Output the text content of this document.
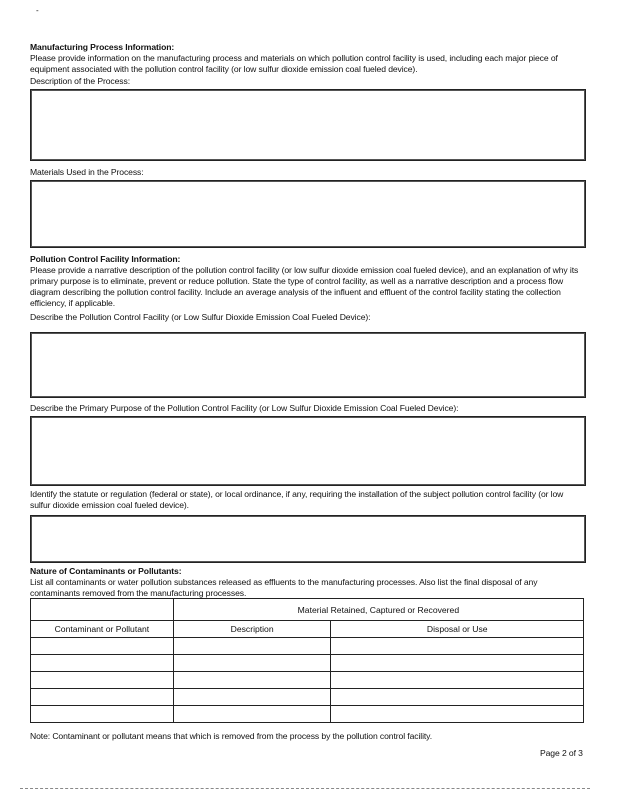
-
Manufacturing Process Information:
Please provide information on the manufacturing process and materials on which pollution control facility is used, including each major piece of equipment associated with the pollution control facility (or low sulfur dioxide emission coal fueled device).
Description of the Process:
Materials Used in the Process:
Pollution Control Facility Information:
Please provide a narrative description of the pollution control facility (or low sulfur dioxide emission coal fueled device), and an explanation of why its primary purpose is to eliminate, prevent or reduce pollution. State the type of control facility, as well as a narrative description and a process flow diagram describing the pollution control facility. Include an average analysis of the influent and effluent of the control facility stating the collection efficiency, if applicable.
Describe the Pollution Control Facility (or Low Sulfur Dioxide Emission Coal Fueled Device):
Describe the Primary Purpose of the Pollution Control Facility (or Low Sulfur Dioxide Emission Coal Fueled Device):
Identify the statute or regulation (federal or state), or local ordinance, if any, requiring the installation of the subject pollution control facility (or low sulfur dioxide emission coal fueled device).
Nature of Contaminants or Pollutants:
List all contaminants or water pollution substances released as effluents to the manufacturing processes. Also list the final disposal of any contaminants removed from the manufacturing processes.
	Material Retained, Captured or Recovered	
Contaminant or Pollutant	Description	Disposal or Use

Note: Contaminant or pollutant means that which is removed from the process by the pollution control facility.
Page 2 of 3
